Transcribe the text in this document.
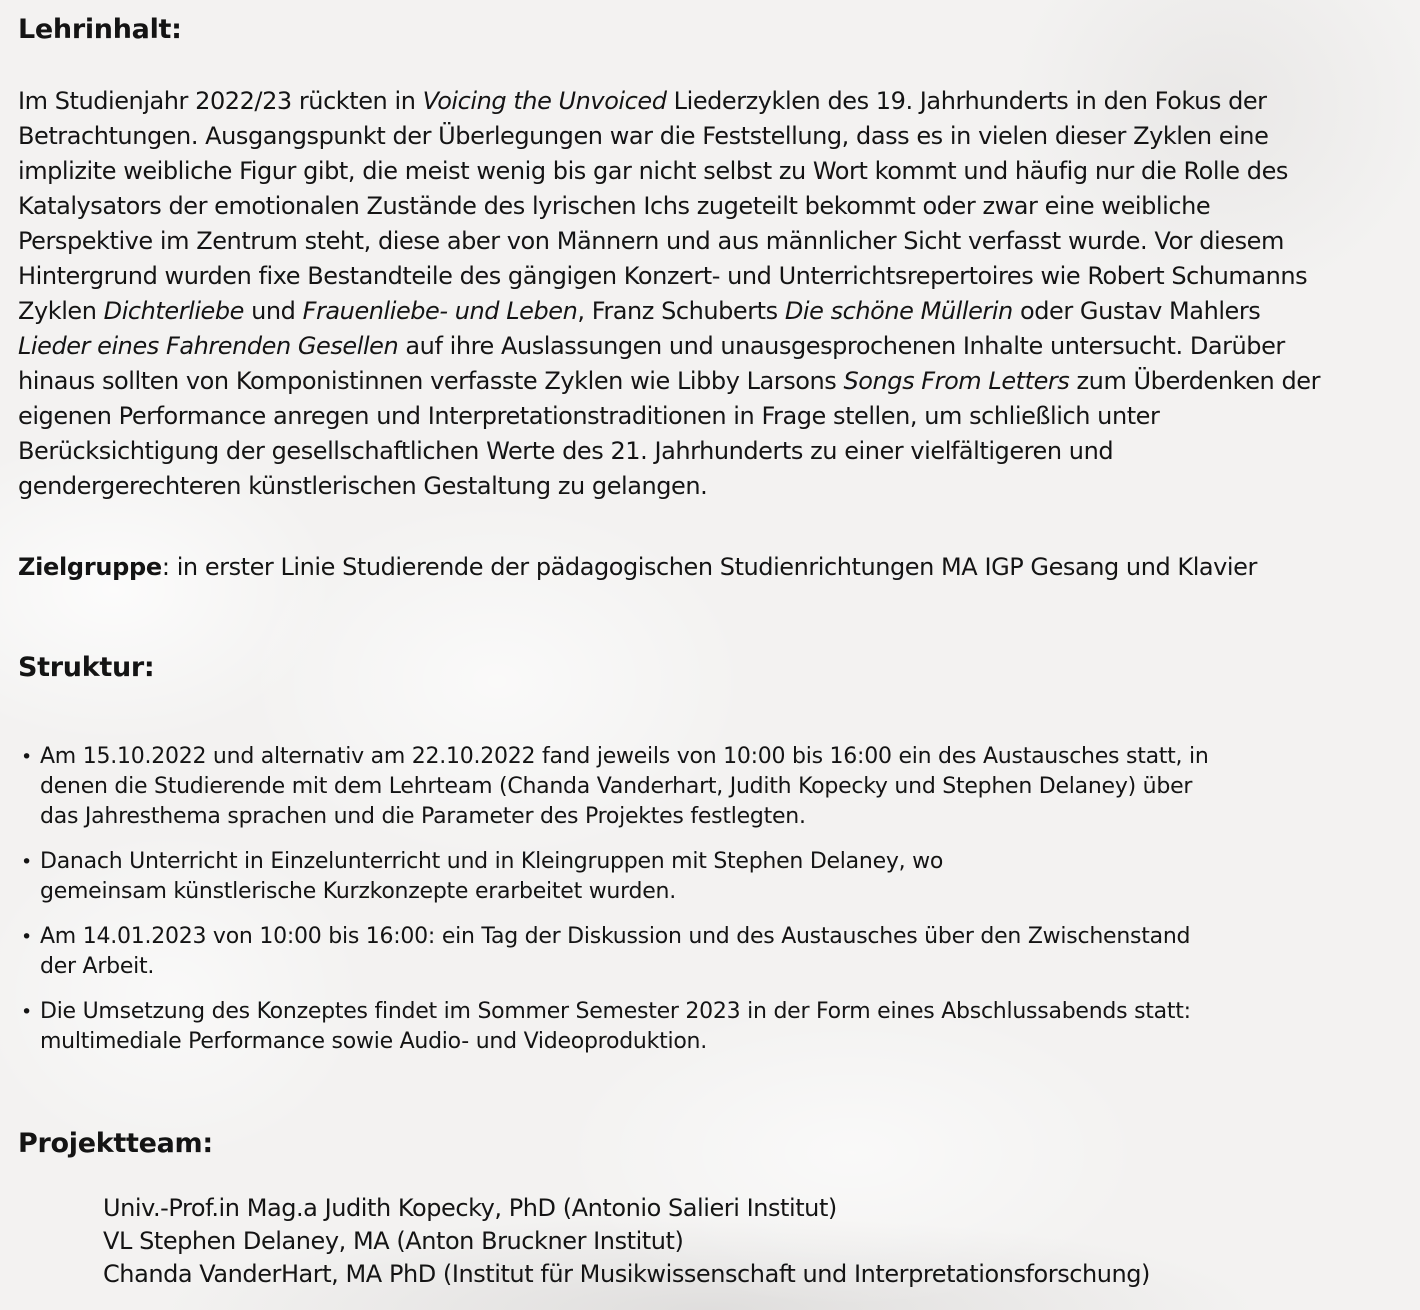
Lehrinhalt:
Im Studienjahr 2022/23 rückten in Voicing the Unvoiced Liederzyklen des 19. Jahrhunderts in den Fokus der
Betrachtungen. Ausgangspunkt der Überlegungen war die Feststellung, dass es in vielen dieser Zyklen eine
implizite weibliche Figur gibt, die meist wenig bis gar nicht selbst zu Wort kommt und häufig nur die Rolle des
Katalysators der emotionalen Zustände des lyrischen Ichs zugeteilt bekommt oder zwar eine weibliche
Perspektive im Zentrum steht, diese aber von Männern und aus männlicher Sicht verfasst wurde. Vor diesem
Hintergrund wurden fixe Bestandteile des gängigen Konzert- und Unterrichtsrepertoires wie Robert Schumanns
Zyklen Dichterliebe und Frauenliebe- und Leben, Franz Schuberts Die schöne Müllerin oder Gustav Mahlers
Lieder eines Fahrenden Gesellen auf ihre Auslassungen und unausgesprochenen Inhalte untersucht. Darüber
hinaus sollten von Komponistinnen verfasste Zyklen wie Libby Larsons Songs From Letters zum Überdenken der
eigenen Performance anregen und Interpretationstraditionen in Frage stellen, um schließlich unter
Berücksichtigung der gesellschaftlichen Werte des 21. Jahrhunderts zu einer vielfältigeren und
gendergerechteren künstlerischen Gestaltung zu gelangen.
Zielgruppe: in erster Linie Studierende der pädagogischen Studienrichtungen MA IGP Gesang und Klavier
Struktur:
• Am 15.10.2022 und alternativ am 22.10.2022 fand jeweils von 10:00 bis 16:00 ein des Austausches statt, in
denen die Studierende mit dem Lehrteam (Chanda Vanderhart, Judith Kopecky und Stephen Delaney) über
das Jahresthema sprachen und die Parameter des Projektes festlegten.
• Danach Unterricht in Einzelunterricht und in Kleingruppen mit Stephen Delaney, wo
gemeinsam künstlerische Kurzkonzepte erarbeitet wurden.
• Am 14.01.2023 von 10:00 bis 16:00: ein Tag der Diskussion und des Austausches über den Zwischenstand
der Arbeit.
• Die Umsetzung des Konzeptes findet im Sommer Semester 2023 in der Form eines Abschlussabends statt:
multimediale Performance sowie Audio- und Videoproduktion.
Projektteam:
Univ.-Prof.in Mag.a Judith Kopecky, PhD (Antonio Salieri Institut)
VL Stephen Delaney, MA (Anton Bruckner Institut)
Chanda VanderHart, MA PhD (Institut für Musikwissenschaft und Interpretationsforschung)
